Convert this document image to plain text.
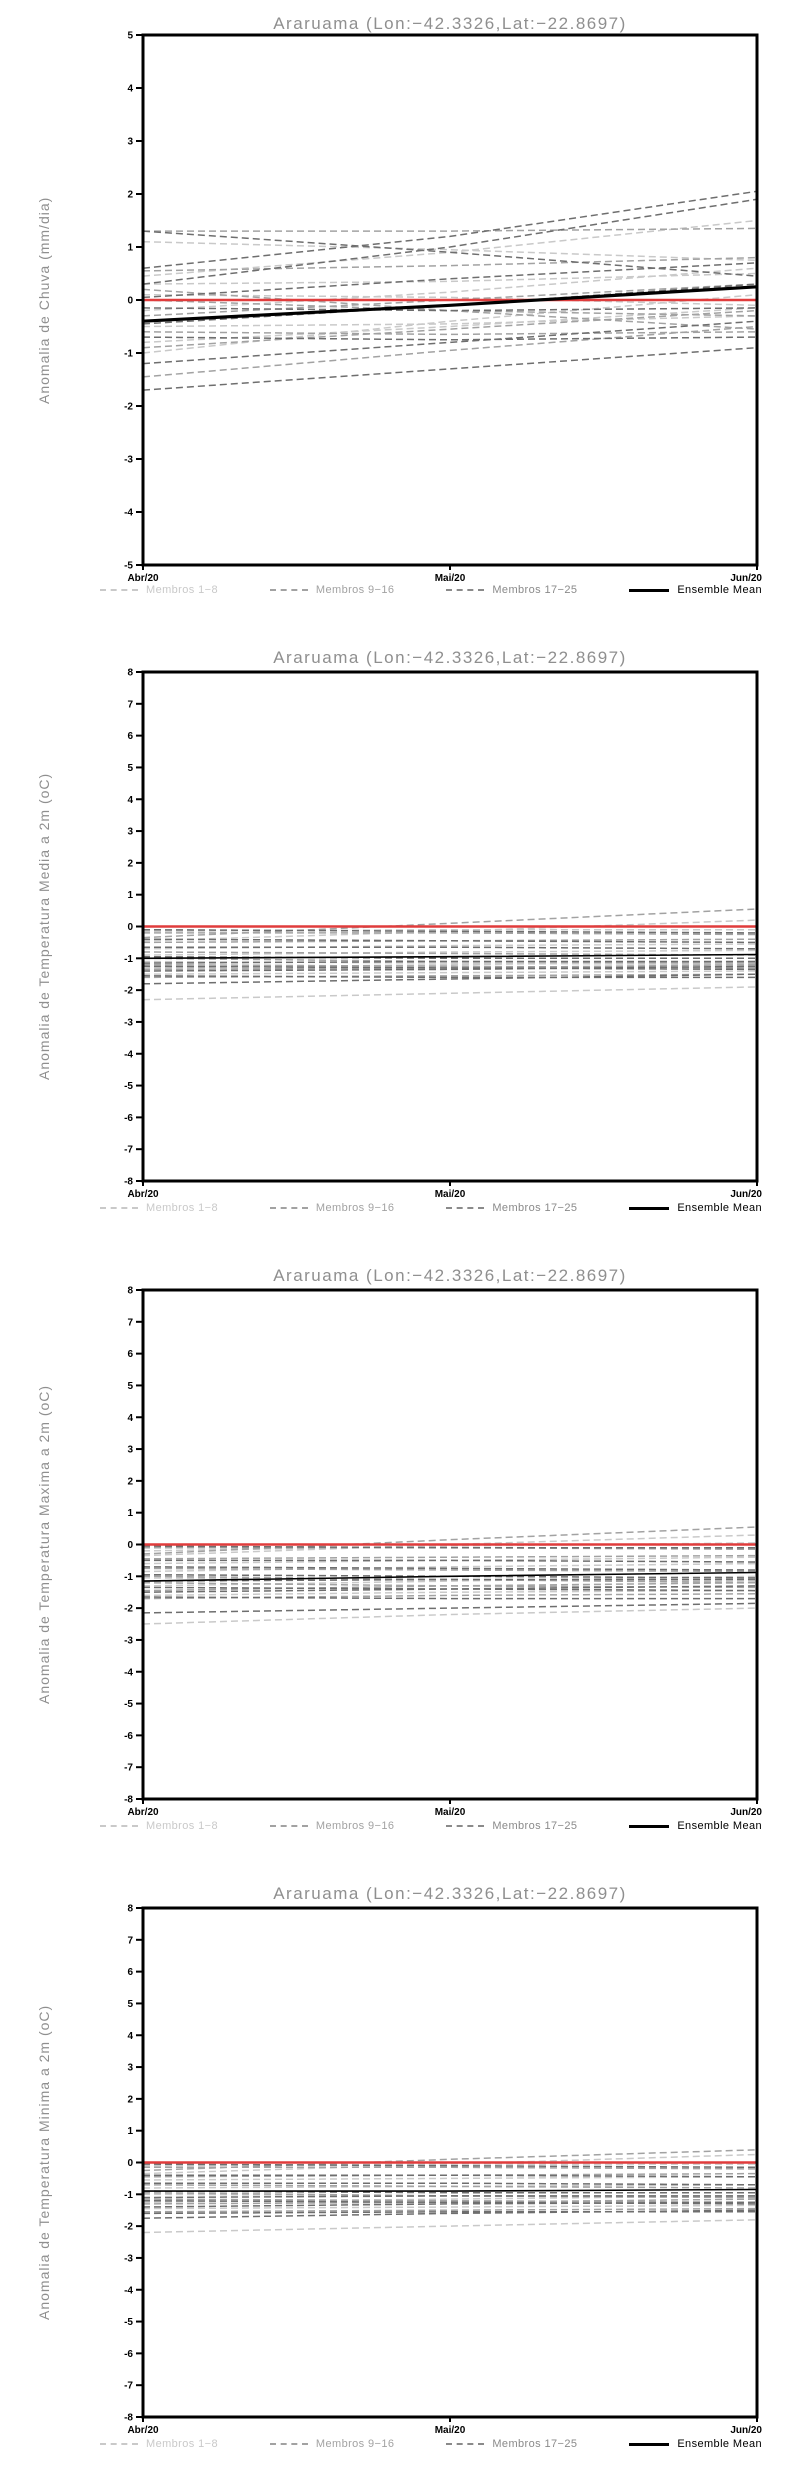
Araruama (Lon:−42.3326,Lat:−22.8697)
Anomalia de Chuva (mm/dia)
5
4
3
2
1
0
-1
-2
-3
-4
-5
Abr/20	Mai/20	Jun/20
Membros 1−8	Membros 9−16	Membros 17−25	Ensemble Mean
Araruama (Lon:−42.3326,Lat:−22.8697)
Anomalia de Temperatura Media a 2m (oC)
8
7
6
5
4
3
2
1
0
-1
-2
-3
-4
-5
-6
-7
-8
Abr/20	Mai/20	Jun/20
Membros 1−8	Membros 9−16	Membros 17−25	Ensemble Mean
Araruama (Lon:−42.3326,Lat:−22.8697)
Anomalia de Temperatura Maxima a 2m (oC)
8
7
6
5
4
3
2
1
0
-1
-2
-3
-4
-5
-6
-7
-8
Abr/20	Mai/20	Jun/20
Membros 1−8	Membros 9−16	Membros 17−25	Ensemble Mean
Araruama (Lon:−42.3326,Lat:−22.8697)
Anomalia de Temperatura Minima a 2m (oC)
8
7
6
5
4
3
2
1
0
-1
-2
-3
-4
-5
-6
-7
-8
Abr/20	Mai/20	Jun/20
Membros 1−8	Membros 9−16	Membros 17−25	Ensemble Mean
